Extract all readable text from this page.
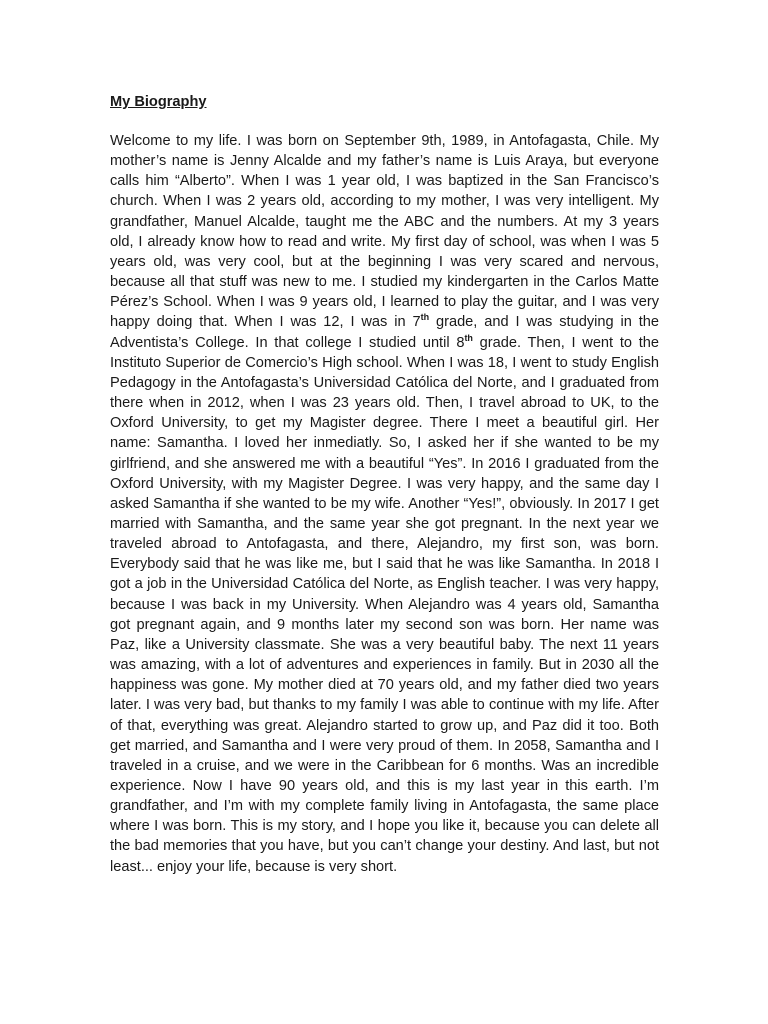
My Biography

Welcome to my life. I was born on September 9th, 1989, in Antofagasta, Chile. My mother’s name is Jenny Alcalde and my father’s name is Luis Araya, but everyone calls him “Alberto”. When I was 1 year old, I was baptized in the San Francisco’s church. When I was 2 years old, according to my mother, I was very intelligent. My grandfather, Manuel Alcalde, taught me the ABC and the numbers. At my 3 years old, I already know how to read and write. My first day of school, was when I was 5 years old, was very cool, but at the beginning I was very scared and nervous, because all that stuff was new to me. I studied my kindergarten in the Carlos Matte Pérez’s School. When I was 9 years old, I learned to play the guitar, and I was very happy doing that. When I was 12, I was in 7th grade, and I was studying in the Adventista’s College. In that college I studied until 8th grade. Then, I went to the Instituto Superior de Comercio’s High school. When I was 18, I went to study English Pedagogy in the Antofagasta’s Universidad Católica del Norte, and I graduated from there when in 2012, when I was 23 years old. Then, I travel abroad to UK, to the Oxford University, to get my Magister degree. There I meet a beautiful girl. Her name: Samantha. I loved her inmediatly. So, I asked her if she wanted to be my girlfriend, and she answered me with a beautiful “Yes”. In 2016 I graduated from the Oxford University, with my Magister Degree. I was very happy, and the same day I asked Samantha if she wanted to be my wife. Another “Yes!”, obviously. In 2017 I get married with Samantha, and the same year she got pregnant. In the next year we traveled abroad to Antofagasta, and there, Alejandro, my first son, was born. Everybody said that he was like me, but I said that he was like Samantha. In 2018 I got a job in the Universidad Católica del Norte, as English teacher. I was very happy, because I was back in my University. When Alejandro was 4 years old, Samantha got pregnant again, and 9 months later my second son was born. Her name was Paz, like a University classmate. She was a very beautiful baby. The next 11 years was amazing, with a lot of adventures and experiences in family. But in 2030 all the happiness was gone. My mother died at 70 years old, and my father died two years later. I was very bad, but thanks to my family I was able to continue with my life. After of that, everything was great. Alejandro started to grow up, and Paz did it too. Both get married, and Samantha and I were very proud of them. In 2058, Samantha and I traveled in a cruise, and we were in the Caribbean for 6 months. Was an incredible experience. Now I have 90 years old, and this is my last year in this earth. I’m grandfather, and I’m with my complete family living in Antofagasta, the same place where I was born. This is my story, and I hope you like it, because you can delete all the bad memories that you have, but you can’t change your destiny. And last, but not least... enjoy your life, because is very short.
